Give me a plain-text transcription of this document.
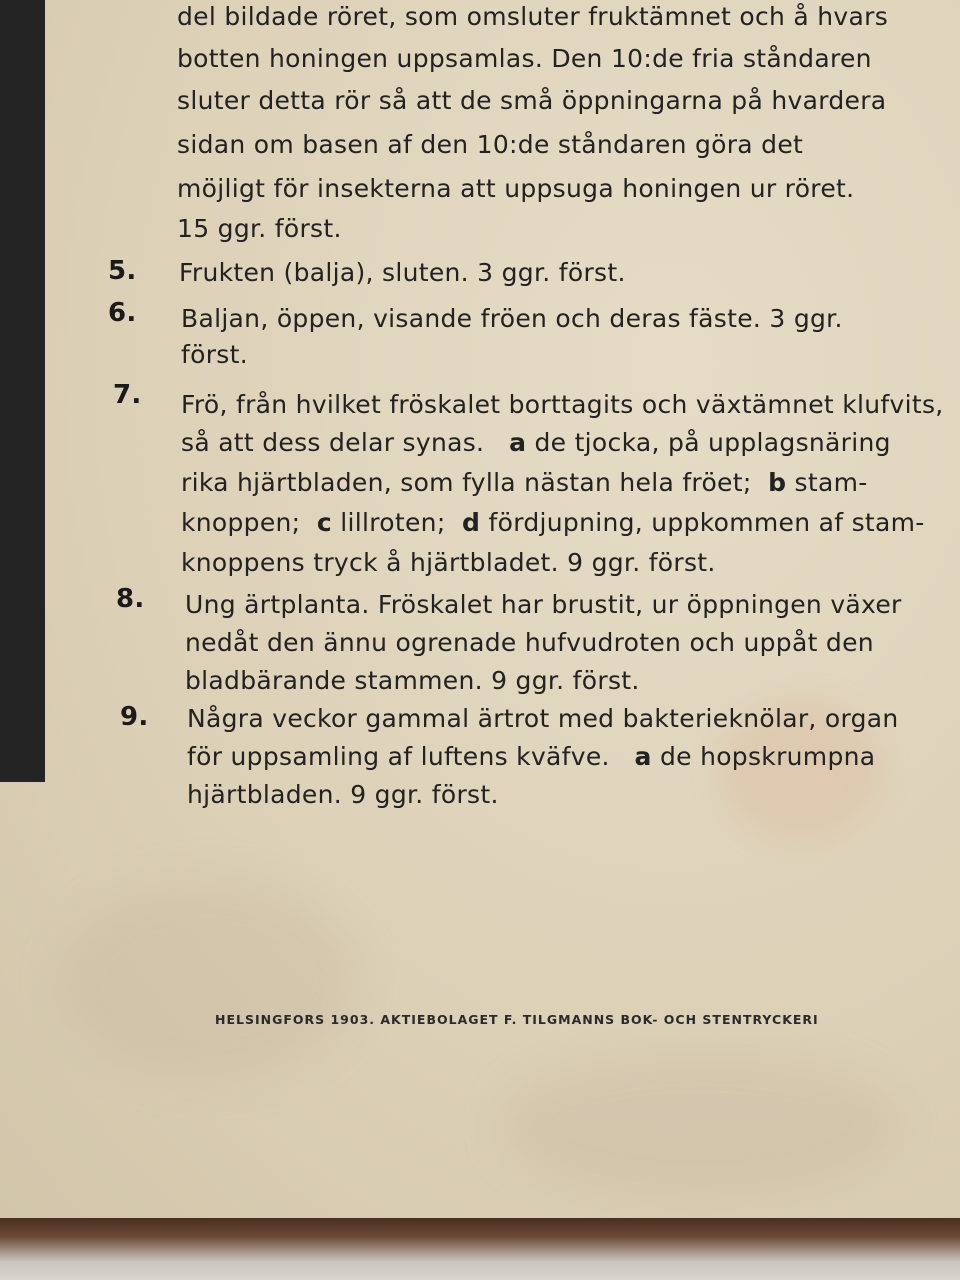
del bildade röret, som omsluter fruktämnet och å hvars
botten honingen uppsamlas. Den 10:de fria ståndaren
sluter detta rör så att de små öppningarna på hvardera
sidan om basen af den 10:de ståndaren göra det
möjligt för insekterna att uppsuga honingen ur röret.
15 ggr. först.
5. Frukten (balja), sluten. 3 ggr. först.
6. Baljan, öppen, visande fröen och deras fäste. 3 ggr.
först.
7. Frö, från hvilket fröskalet borttagits och växtämnet klufvits,
så att dess delar synas. a de tjocka, på upplagsnäring
rika hjärtbladen, som fylla nästan hela fröet; b stam-
knoppen; c lillroten; d fördjupning, uppkommen af stam-
knoppens tryck å hjärtbladet. 9 ggr. först.
8. Ung ärtplanta. Fröskalet har brustit, ur öppningen växer
nedåt den ännu ogrenade hufvudroten och uppåt den
bladbärande stammen. 9 ggr. först.
9. Några veckor gammal ärtrot med bakterieknölar, organ
för uppsamling af luftens kväfve. a de hopskrumpna
hjärtbladen. 9 ggr. först.
HELSINGFORS 1903. AKTIEBOLAGET F. TILGMANNS BOK- OCH STENTRYCKERI
